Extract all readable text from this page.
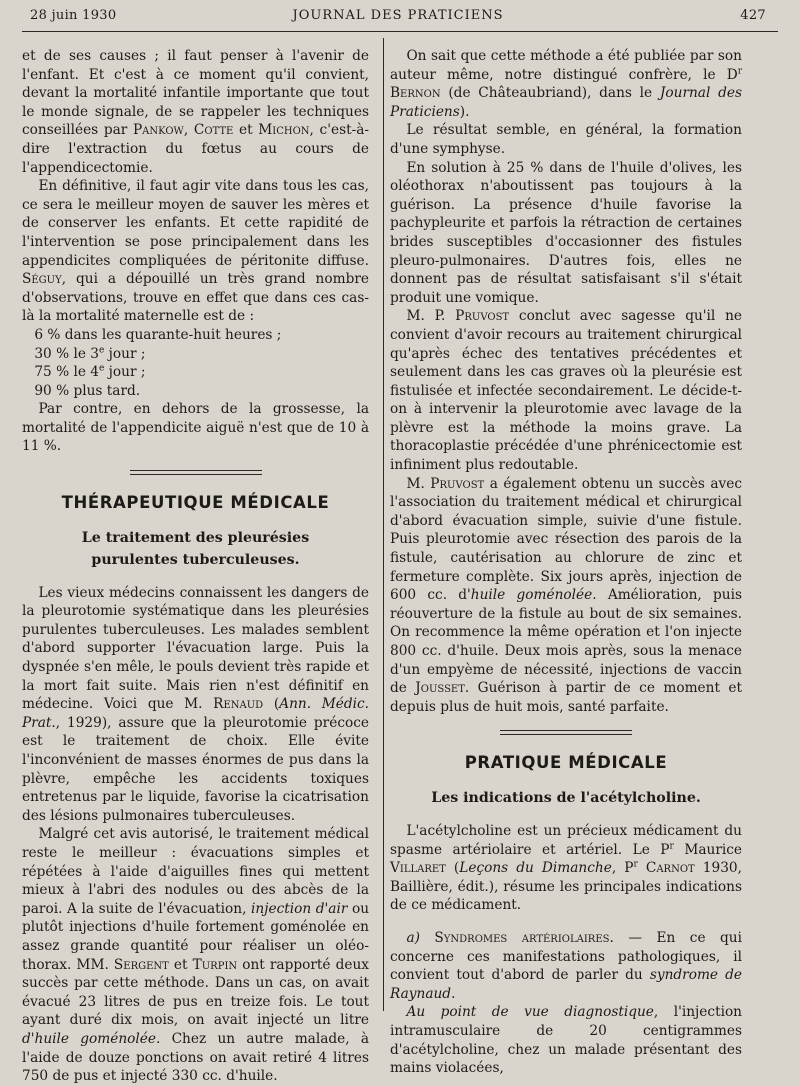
28 juin 1930	JOURNAL DES PRATICIENS	427

et de ses causes ; il faut penser à l'avenir de l'enfant. Et c'est à ce moment qu'il convient, devant la mortalité infantile importante que tout le monde signale, de se rappeler les techniques conseillées par Pankow, Cotte et Michon, c'est-à-dire l'extraction du fœtus au cours de l'appendicectomie.

En définitive, il faut agir vite dans tous les cas, ce sera le meilleur moyen de sauver les mères et de conserver les enfants. Et cette rapidité de l'intervention se pose principalement dans les appendicites compliquées de péritonite diffuse. Séguy, qui a dépouillé un très grand nombre d'observations, trouve en effet que dans ces cas-là la mortalité maternelle est de :

6 % dans les quarante-huit heures ;

30 % le 3e jour ;

75 % le 4e jour ;

90 % plus tard.

Par contre, en dehors de la grossesse, la mortalité de l'appendicite aiguë n'est que de 10 à 11 %.

THÉRAPEUTIQUE MÉDICALE
Le traitement des pleurésies
purulentes tuberculeuses.

Les vieux médecins connaissent les dangers de la pleurotomie systématique dans les pleurésies purulentes tuberculeuses. Les malades semblent d'abord supporter l'évacuation large. Puis la dyspnée s'en mêle, le pouls devient très rapide et la mort fait suite. Mais rien n'est définitif en médecine. Voici que M. Renaud (Ann. Médic. Prat., 1929), assure que la pleurotomie précoce est le traitement de choix. Elle évite l'inconvénient de masses énormes de pus dans la plèvre, empêche les accidents toxiques entretenus par le liquide, favorise la cicatrisation des lésions pulmonaires tuberculeuses.

Malgré cet avis autorisé, le traitement médical reste le meilleur : évacuations simples et répétées à l'aide d'aiguilles fines qui mettent mieux à l'abri des nodules ou des abcès de la paroi. A la suite de l'évacuation, injection d'air ou plutôt injections d'huile fortement goménolée en assez grande quantité pour réaliser un oléo-thorax. MM. Sergent et Turpin ont rapporté deux succès par cette méthode. Dans un cas, on avait évacué 23 litres de pus en treize fois. Le tout ayant duré dix mois, on avait injecté un litre d'huile goménolée. Chez un autre malade, à l'aide de douze ponctions on avait retiré 4 litres 750 de pus et injecté 330 cc. d'huile.

On sait que cette méthode a été publiée par son auteur même, notre distingué confrère, le $D^r$ Bernon (de Châteaubriand), dans le Journal des Praticiens).

Le résultat semble, en général, la formation d'une symphyse.

En solution à 25 % dans de l'huile d'olives, les oléothorax n'aboutissent pas toujours à la guérison. La présence d'huile favorise la pachypleurite et parfois la rétraction de certaines brides susceptibles d'occasionner des fistules pleuro-pulmonaires. D'autres fois, elles ne donnent pas de résultat satisfaisant s'il s'était produit une vomique.

M. P. Pruvost conclut avec sagesse qu'il ne convient d'avoir recours au traitement chirurgical qu'après échec des tentatives précédentes et seulement dans les cas graves où la pleurésie est fistulisée et infectée secondairement. Le décide-t-on à intervenir la pleurotomie avec lavage de la plèvre est la méthode la moins grave. La thoracoplastie précédée d'une phrénicectomie est infiniment plus redoutable.

M. Pruvost a également obtenu un succès avec l'association du traitement médical et chirurgical d'abord évacuation simple, suivie d'une fistule. Puis pleurotomie avec résection des parois de la fistule, cautérisation au chlorure de zinc et fermeture complète. Six jours après, injection de 600 cc. d'huile goménolée. Amélioration, puis réouverture de la fistule au bout de six semaines. On recommence la même opération et l'on injecte 800 cc. d'huile. Deux mois après, sous la menace d'un empyème de nécessité, injections de vaccin de Jousset. Guérison à partir de ce moment et depuis plus de huit mois, santé parfaite.

PRATIQUE MÉDICALE
Les indications de l'acétylcholine.

L'acétylcholine est un précieux médicament du spasme artériolaire et artériel. Le $P^r$ Maurice Villaret (Leçons du Dimanche, $P^r$ Carnot 1930, Baillière, édit.), résume les principales indications de ce médicament.

a) Syndromes artériolaires. — En ce qui concerne ces manifestations pathologiques, il convient tout d'abord de parler du syndrome de Raynaud.

Au point de vue diagnostique, l'injection intramusculaire de 20 centigrammes d'acétylcholine, chez un malade présentant des mains violacées,
